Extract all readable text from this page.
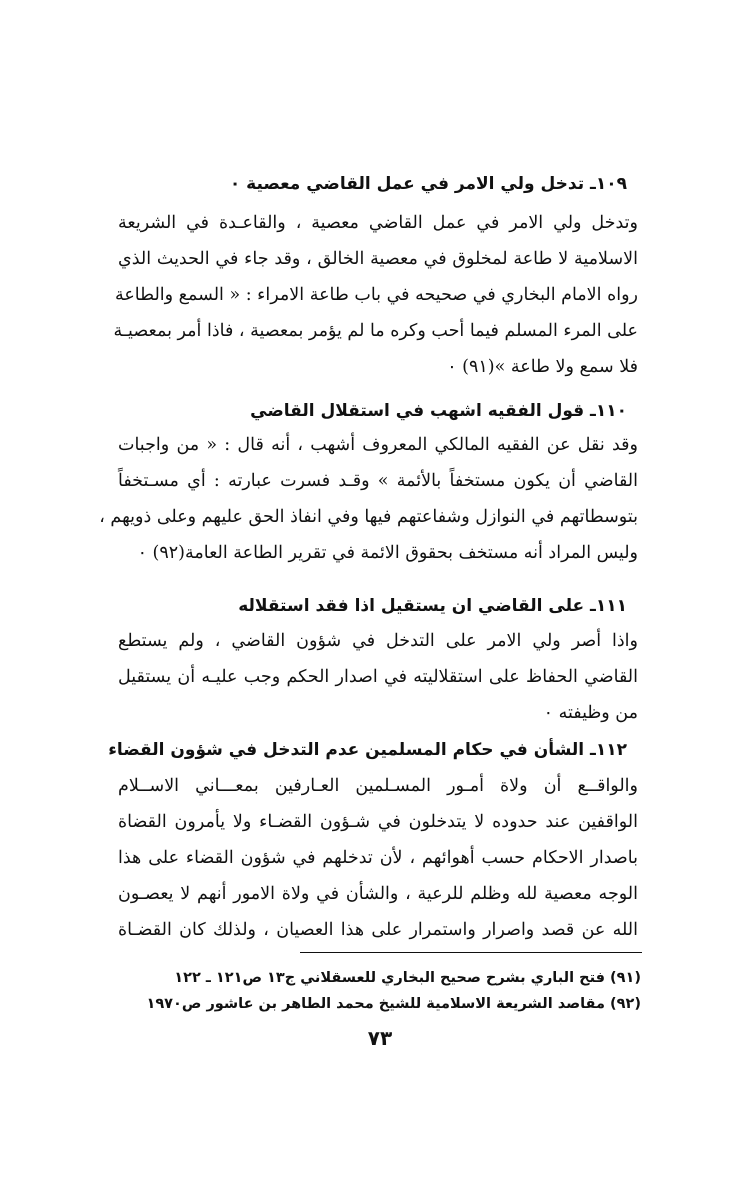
١٠٩ـ تدخل ولي الامر في عمل القاضي معصية ٠
وتدخل ولي الامر في عمل القاضي معصية ، والقاعـدة في الشريعة
الاسلامية لا طاعة لمخلوق في معصية الخالق ، وقد جاء في الحديث الذي
رواه الامام البخاري في صحيحه في باب طاعة الامراء : « السمع والطاعة
على المرء المسلم فيما أحب وكره ما لم يؤمر بمعصية ، فاذا أمر بمعصيـة
فلا سمع ولا طاعة »(٩١) ٠
١١٠ـ قول الفقيه اشهب في استقلال القاضي
وقد نقل عن الفقيه المالكي المعروف أشهب ، أنه قال : « من واجبات
القاضي أن يكون مستخفاً بالأئمة » وقـد فسرت عبارته : أي مسـتخفاً
بتوسطاتهم في النوازل وشفاعتهم فيها وفي انفاذ الحق عليهم وعلى ذويهم ،
وليس المراد أنه مستخف بحقوق الائمة في تقرير الطاعة العامة(٩٢) ٠
١١١ـ على القاضي ان يستقيل اذا فقد استقلاله
واذا أصر ولي الامر على التدخل في شؤون القاضي ، ولم يستطع
القاضي الحفاظ على استقلاليته في اصدار الحكم وجب عليـه أن يستقيل
من وظيفته ٠
١١٢ـ الشأن في حكام المسلمين عدم التدخل في شؤون القضاء
والواقــع أن ولاة أمـور المسـلمين العـارفين بمعـــاني الاســلام
الواقفين عند حدوده لا يتدخلون في شـؤون القضـاء ولا يأمرون القضاة
باصدار الاحكام حسب أهوائهم ، لأن تدخلهم في شؤون القضاء على هذا
الوجه معصية لله وظلم للرعية ، والشأن في ولاة الامور أنهم لا يعصـون
الله عن قصد واصرار واستمرار على هذا العصيان ، ولذلك كان القضـاة
(٩١) فتح الباري بشرح صحيح البخاري للعسقلاني ج١٣ ص١٢١ ـ ١٢٢
(٩٢) مقاصد الشريعة الاسلامية للشيخ محمد الطاهر بن عاشور ص١٩٧٠
٧٣
